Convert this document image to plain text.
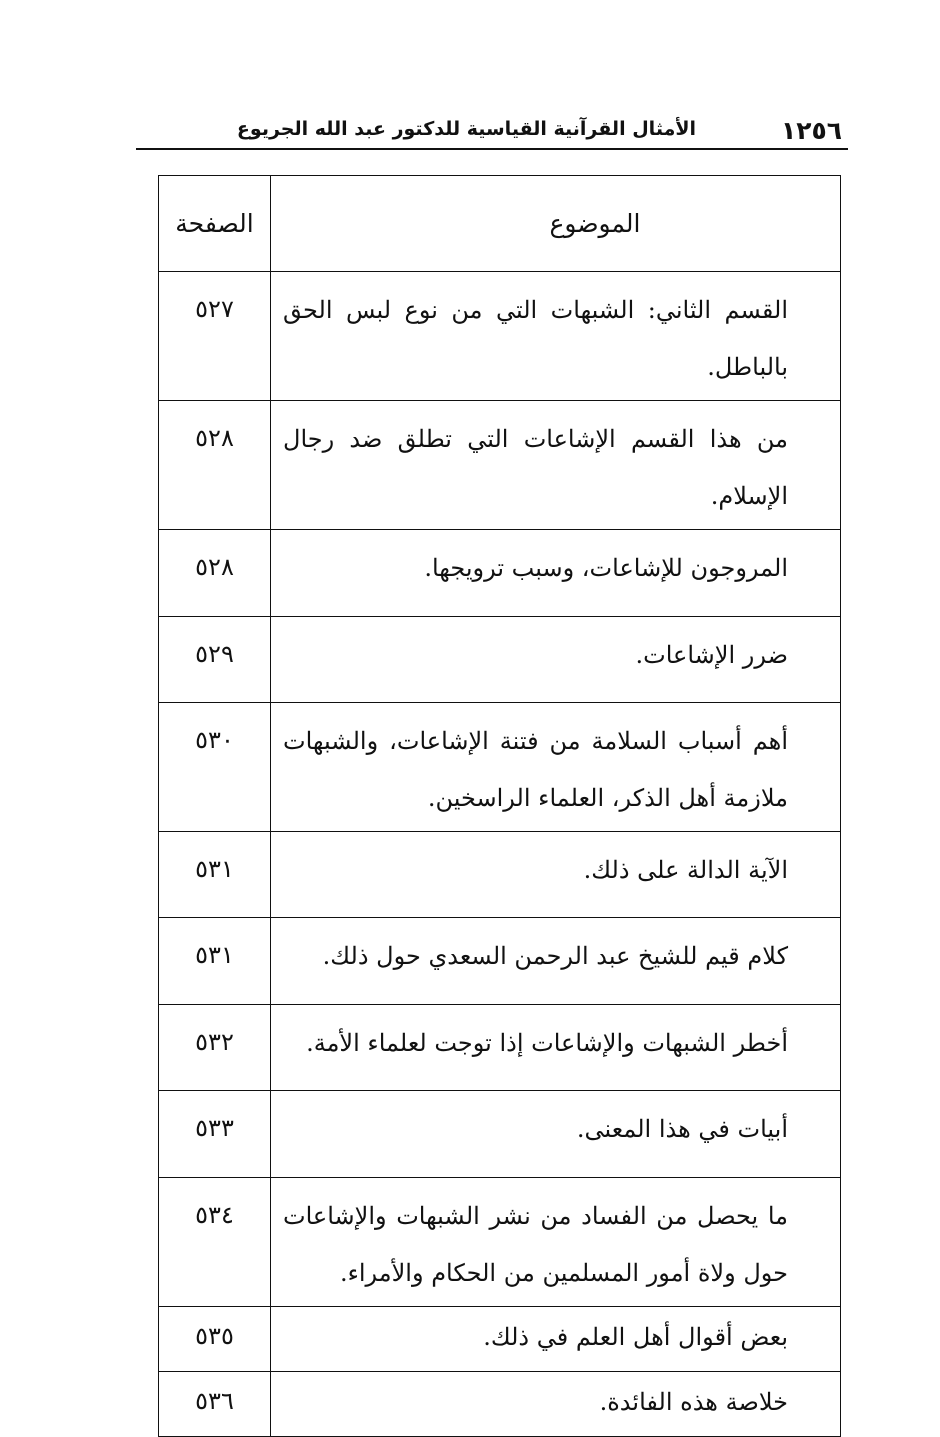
١٢٥٦
الأمثال القرآنية القياسية للدكتور عبد الله الجريوع
الموضوع	الصفحة
القسم الثاني: الشبهات التي من نوع لبس الحق بالباطل.	٥٢٧
من هذا القسم الإشاعات التي تطلق ضد رجال الإسلام.	٥٢٨
المروجون للإشاعات، وسبب ترويجها.	٥٢٨
ضرر الإشاعات.	٥٢٩
أهم أسباب السلامة من فتنة الإشاعات، والشبهات ملازمة أهل الذكر، العلماء الراسخين.	٥٣٠
الآية الدالة على ذلك.	٥٣١
كلام قيم للشيخ عبد الرحمن السعدي حول ذلك.	٥٣١
أخطر الشبهات والإشاعات إذا توجت لعلماء الأمة.	٥٣٢
أبيات في هذا المعنى.	٥٣٣
ما يحصل من الفساد من نشر الشبهات والإشاعات حول ولاة أمور المسلمين من الحكام والأمراء.	٥٣٤
بعض أقوال أهل العلم في ذلك.	٥٣٥
خلاصة هذه الفائدة.	٥٣٦
